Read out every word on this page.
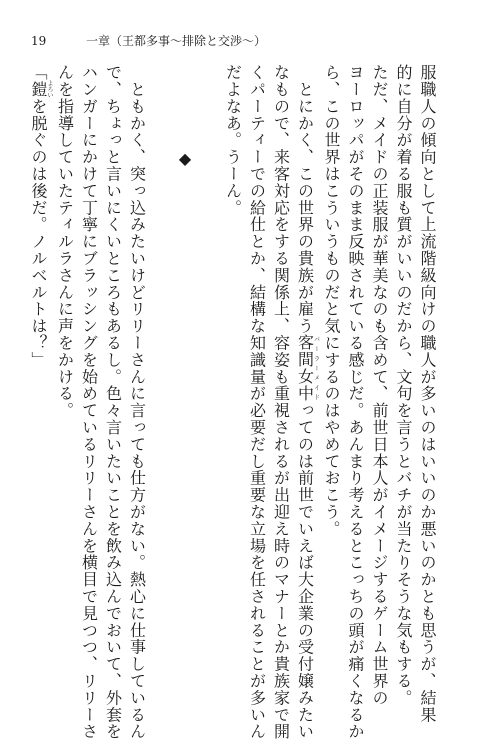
19	一章（王都多事～排除と交渉～）
服職人の傾向として上流階級向けの職人が多いのはいいのか悪いのかとも思うが、結果
的に自分が着る服も質がいいのだから、文句を言うとバチが当たりそうな気もする。
ただ、メイドの正装服が華美なのも含めて、前世日本人がイメージするゲーム世界の
ヨーロッパがそのまま反映されている感じだ。あんまり考えるとこっちの頭が痛くなるか
ら、この世界はこういうものだと気にするのはやめておこう。
　とにかく、この世界の貴族が雇う客間女中パーラーメイドってのは前世でいえば大企業の受付嬢みたい
なもので、来客対応をする関係上、容姿も重視されるが出迎え時のマナーとか貴族家で開
くパーティーでの給仕とか、結構な知識量が必要だし重要な立場を任されることが多いん
だよなあ。うーん。
　　　　　◆
　ともかく、突っ込みたいけどリリーさんに言っても仕方がない。熱心に仕事しているん
で、ちょっと言いにくいところもあるし。色々言いたいことを飲み込んでおいて、外套を
ハンガーにかけて丁寧にブラッシングを始めているリリーさんを横目で見つつ、リリーさ
んを指導していたティルラさんに声をかける。
「鎧よろいを脱ぐのは後だ。ノルベルトは？」
